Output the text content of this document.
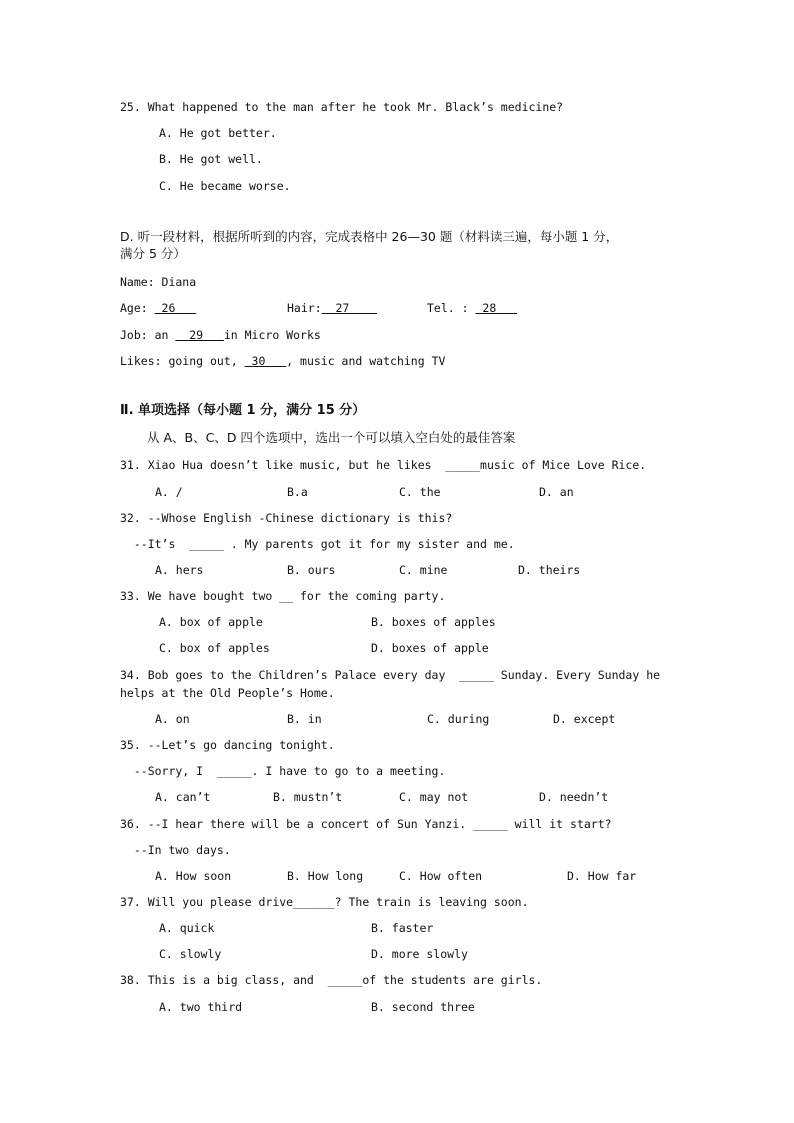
25. What happened to the man after he took Mr. Black’s medicine?
A. He got better.
B. He got well.
C. He became worse.
D. 听一段材料，根据所听到的内容，完成表格中 26—30 题（材料读三遍，每小题 1 分，
满分 5 分）
Name: Diana
Age:  26	Hair:  27	Tel. :  28
Job: an   29   in Micro Works
Likes: going out,  30   , music and watching TV
Ⅱ. 单项选择（每小题 1 分，满分 15 分）
从 A、B、C、D 四个选项中，选出一个可以填入空白处的最佳答案
31. Xiao Hua doesn’t like music, but he likes  _____music of Mice Love Rice.
A. /	B.a	C. the	D. an
32. --Whose English -Chinese dictionary is this?
--It’s  _____ . My parents got it for my sister and me.
A. hers	B. ours	C. mine	D. theirs
33. We have bought two __ for the coming party.
A. box of apple	B. boxes of apples
C. box of apples	D. boxes of apple
34. Bob goes to the Children’s Palace every day  _____ Sunday. Every Sunday he
helps at the Old People’s Home.
A. on	B. in	C. during	D. except
35. --Let’s go dancing tonight.
--Sorry, I  _____. I have to go to a meeting.
A. can’t	B. mustn’t	C. may not	D. needn’t
36. --I hear there will be a concert of Sun Yanzi. _____ will it start?
--In two days.
A. How soon	B. How long	C. How often	D. How far
37. Will you please drive______? The train is leaving soon.
A. quick	B. faster
C. slowly	D. more slowly
38. This is a big class, and  _____of the students are girls.
A. two third	B. second three
